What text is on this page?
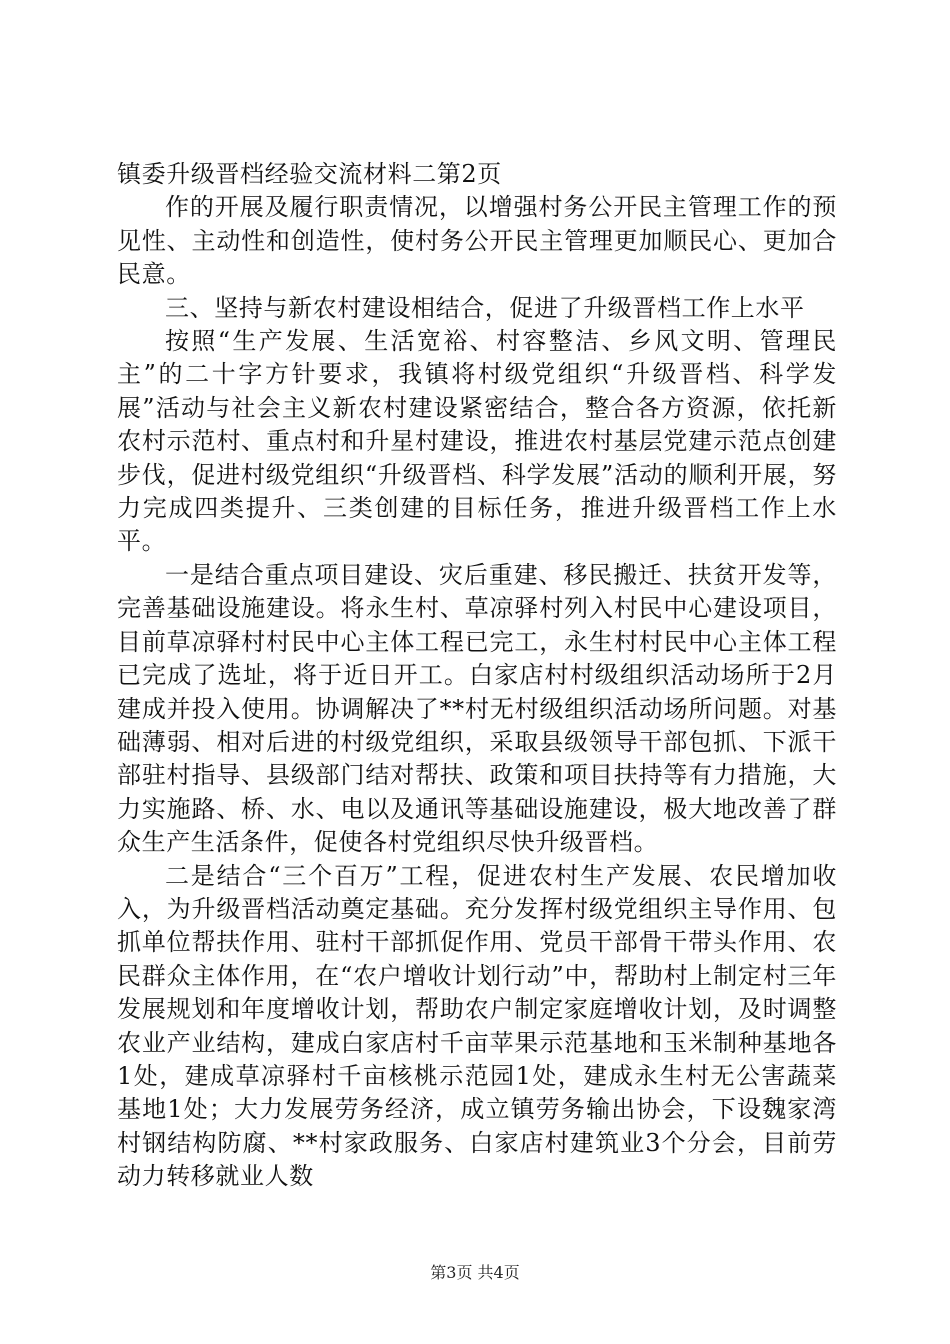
镇委升级晋档经验交流材料二第2页

作的开展及履行职责情况，以增强村务公开民主管理工作的预见性、主动性和创造性，使村务公开民主管理更加顺民心、更加合民意。

三、坚持与新农村建设相结合，促进了升级晋档工作上水平

按照“生产发展、生活宽裕、村容整洁、乡风文明、管理民主”的二十字方针要求，我镇将村级党组织“升级晋档、科学发展”活动与社会主义新农村建设紧密结合，整合各方资源，依托新农村示范村、重点村和升星村建设，推进农村基层党建示范点创建步伐，促进村级党组织“升级晋档、科学发展”活动的顺利开展，努力完成四类提升、三类创建的目标任务，推进升级晋档工作上水平。

一是结合重点项目建设、灾后重建、移民搬迁、扶贫开发等，完善基础设施建设。将永生村、草凉驿村列入村民中心建设项目，目前草凉驿村村民中心主体工程已完工，永生村村民中心主体工程已完成了选址，将于近日开工。白家店村村级组织活动场所于2月建成并投入使用。协调解决了**村无村级组织活动场所问题。对基础薄弱、相对后进的村级党组织，采取县级领导干部包抓、下派干部驻村指导、县级部门结对帮扶、政策和项目扶持等有力措施，大力实施路、桥、水、电以及通讯等基础设施建设，极大地改善了群众生产生活条件，促使各村党组织尽快升级晋档。

二是结合“三个百万”工程，促进农村生产发展、农民增加收入，为升级晋档活动奠定基础。充分发挥村级党组织主导作用、包抓单位帮扶作用、驻村干部抓促作用、党员干部骨干带头作用、农民群众主体作用，在“农户增收计划行动”中，帮助村上制定村三年发展规划和年度增收计划，帮助农户制定家庭增收计划，及时调整农业产业结构，建成白家店村千亩苹果示范基地和玉米制种基地各1处，建成草凉驿村千亩核桃示范园1处，建成永生村无公害蔬菜基地1处；大力发展劳务经济，成立镇劳务输出协会，下设魏家湾村钢结构防腐、**村家政服务、白家店村建筑业3个分会，目前劳动力转移就业人数

第3页 共4页
